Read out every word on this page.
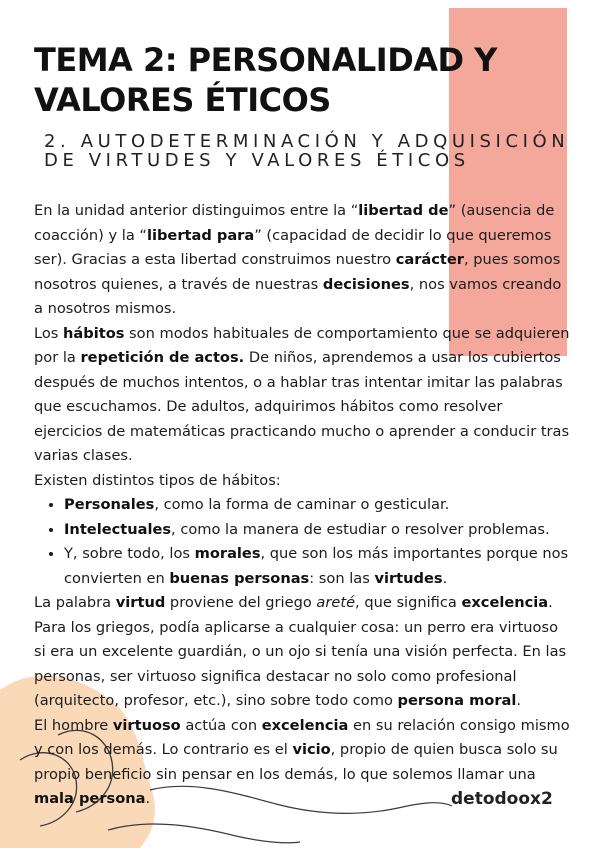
TEMA 2: PERSONALIDAD Y
VALORES ÉTICOS
2. AUTODETERMINACIÓN Y ADQUISICIÓN DE VIRTUDES Y VALORES ÉTICOS

En la unidad anterior distinguimos entre la “libertad de” (ausencia de coacción) y la “libertad para” (capacidad de decidir lo que queremos ser). Gracias a esta libertad construimos nuestro carácter, pues somos nosotros quienes, a través de nuestras decisiones, nos vamos creando a nosotros mismos.

Los hábitos son modos habituales de comportamiento que se adquieren por la repetición de actos. De niños, aprendemos a usar los cubiertos después de muchos intentos, o a hablar tras intentar imitar las palabras que escuchamos. De adultos, adquirimos hábitos como resolver ejercicios de matemáticas practicando mucho o aprender a conducir tras varias clases.

Existen distintos tipos de hábitos:

• Personales, como la forma de caminar o gesticular.
• Intelectuales, como la manera de estudiar o resolver problemas.
• Y, sobre todo, los morales, que son los más importantes porque nos convierten en buenas personas: son las virtudes.

La palabra virtud proviene del griego areté, que significa excelencia. Para los griegos, podía aplicarse a cualquier cosa: un perro era virtuoso si era un excelente guardián, o un ojo si tenía una visión perfecta. En las personas, ser virtuoso significa destacar no solo como profesional (arquitecto, profesor, etc.), sino sobre todo como persona moral.

El hombre virtuoso actúa con excelencia en su relación consigo mismo y con los demás. Lo contrario es el vicio, propio de quien busca solo su propio beneficio sin pensar en los demás, lo que solemos llamar una mala persona.	detodoox2
